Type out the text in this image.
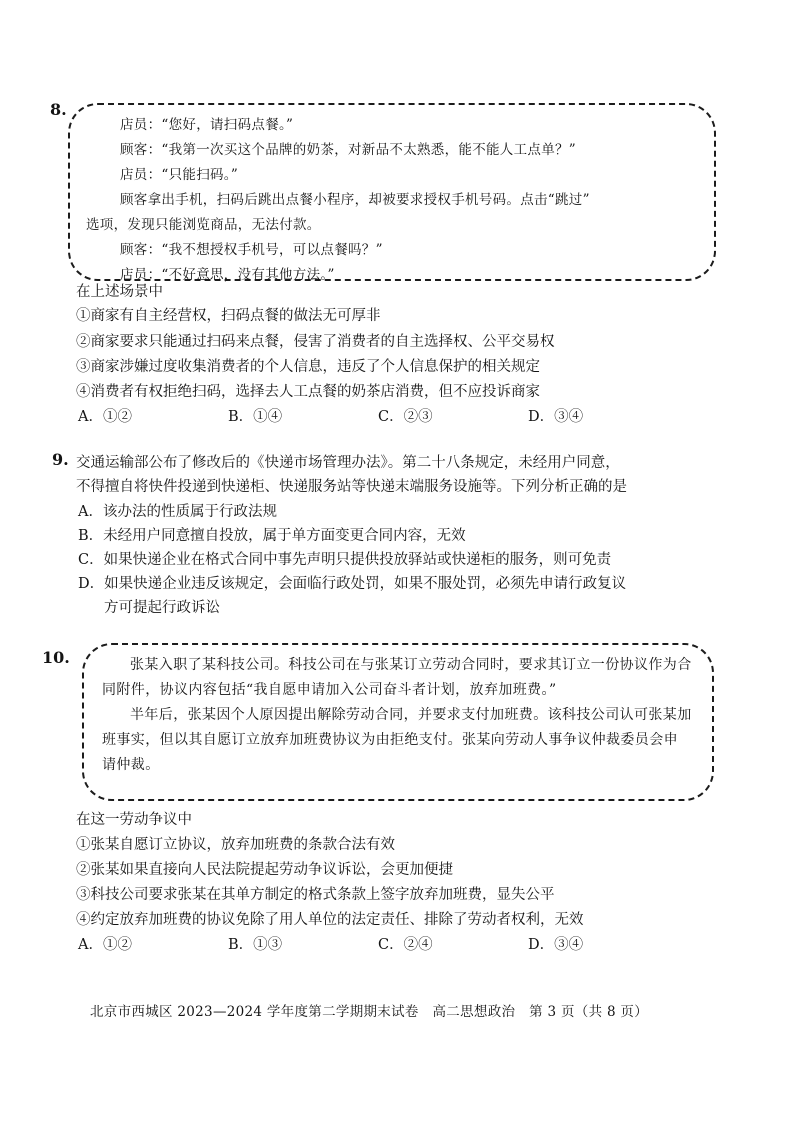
8.
店员：“您好，请扫码点餐。”
顾客：“我第一次买这个品牌的奶茶，对新品不太熟悉，能不能人工点单？”
店员：“只能扫码。”
顾客拿出手机，扫码后跳出点餐小程序，却被要求授权手机号码。点击“跳过”
选项，发现只能浏览商品，无法付款。
顾客：“我不想授权手机号，可以点餐吗？”
店员：“不好意思，没有其他方法。”
在上述场景中
①商家有自主经营权，扫码点餐的做法无可厚非
②商家要求只能通过扫码来点餐，侵害了消费者的自主选择权、公平交易权
③商家涉嫌过度收集消费者的个人信息，违反了个人信息保护的相关规定
④消费者有权拒绝扫码，选择去人工点餐的奶茶店消费，但不应投诉商家
A．①②	B．①④	C．②③	D．③④
9. 交通运输部公布了修改后的《快递市场管理办法》。第二十八条规定，未经用户同意，
不得擅自将快件投递到快递柜、快递服务站等快递末端服务设施等。下列分析正确的是
A．该办法的性质属于行政法规
B．未经用户同意擅自投放，属于单方面变更合同内容，无效
C．如果快递企业在格式合同中事先声明只提供投放驿站或快递柜的服务，则可免责
D．如果快递企业违反该规定，会面临行政处罚，如果不服处罚，必须先申请行政复议
方可提起行政诉讼
10.	张某入职了某科技公司。科技公司在与张某订立劳动合同时，要求其订立一份协议作为合同附件，协议内容包括“我自愿申请加入公司奋斗者计划，放弃加班费。”
半年后，张某因个人原因提出解除劳动合同，并要求支付加班费。该科技公司认可张某加班事实，但以其自愿订立放弃加班费协议为由拒绝支付。张某向劳动人事争议仲裁委员会申请仲裁。
在这一劳动争议中
①张某自愿订立协议，放弃加班费的条款合法有效
②张某如果直接向人民法院提起劳动争议诉讼，会更加便捷
③科技公司要求张某在其单方制定的格式条款上签字放弃加班费，显失公平
④约定放弃加班费的协议免除了用人单位的法定责任、排除了劳动者权利，无效
A．①②	B．①③	C．②④	D．③④
北京市西城区 2023—2024 学年度第二学期期末试卷　高二思想政治　第 3 页（共 8 页）
